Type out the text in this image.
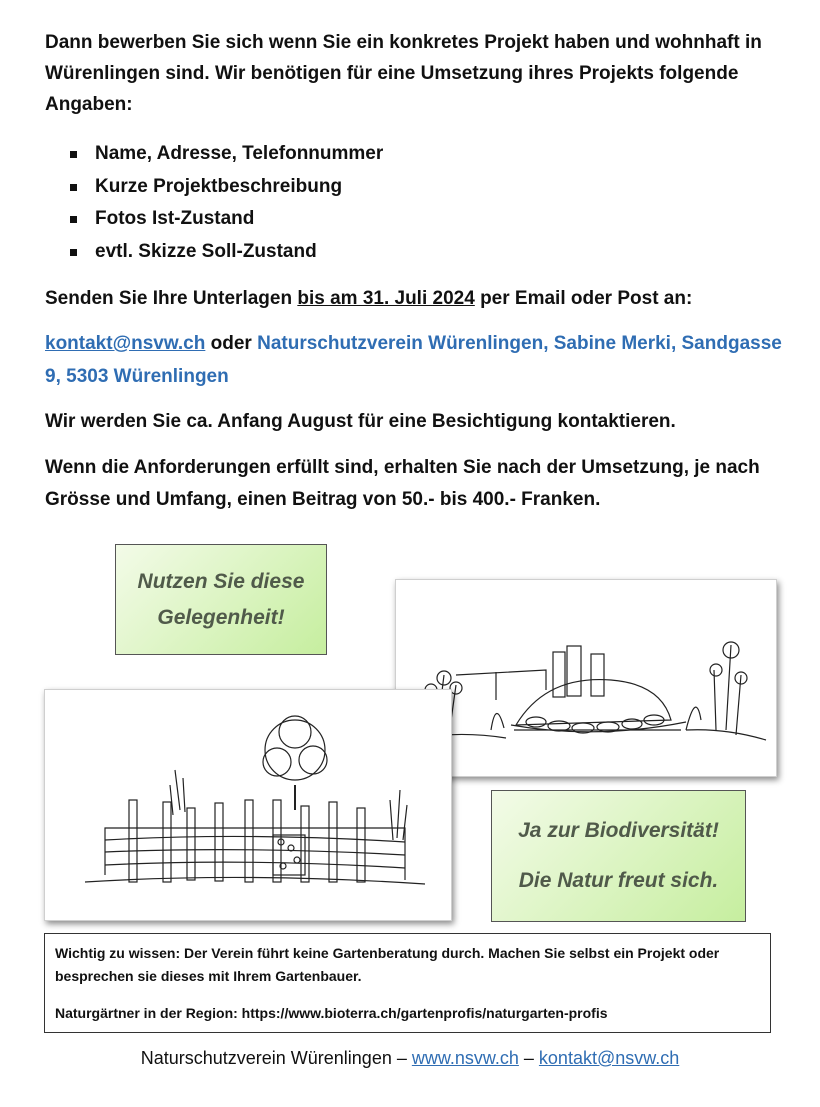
Dann bewerben Sie sich wenn Sie ein konkretes Projekt haben und wohnhaft in Würenlingen sind. Wir benötigen für eine Umsetzung ihres Projekts folgende Angaben:

Name, Adresse, Telefonnummer
Kurze Projektbeschreibung
Fotos Ist-Zustand
evtl. Skizze Soll-Zustand

Senden Sie Ihre Unterlagen bis am 31. Juli 2024 per Email oder Post an:

kontakt@nsvw.ch oder Naturschutzverein Würenlingen, Sabine Merki, Sandgasse 9, 5303 Würenlingen

Wir werden Sie ca. Anfang August für eine Besichtigung kontaktieren.

Wenn die Anforderungen erfüllt sind, erhalten Sie nach der Umsetzung, je nach Grösse und Umfang, einen Beitrag von 50.- bis 400.- Franken.

Nutzen Sie diese
Gelegenheit!
Ja zur Biodiversität!
Die Natur freut sich.
Wichtig zu wissen: Der Verein führt keine Gartenberatung durch. Machen Sie selbst ein Projekt oder besprechen sie dieses mit Ihrem Gartenbauer.
Naturgärtner in der Region: https://www.bioterra.ch/gartenprofis/naturgarten-profis
Naturschutzverein Würenlingen – www.nsvw.ch – kontakt@nsvw.ch
